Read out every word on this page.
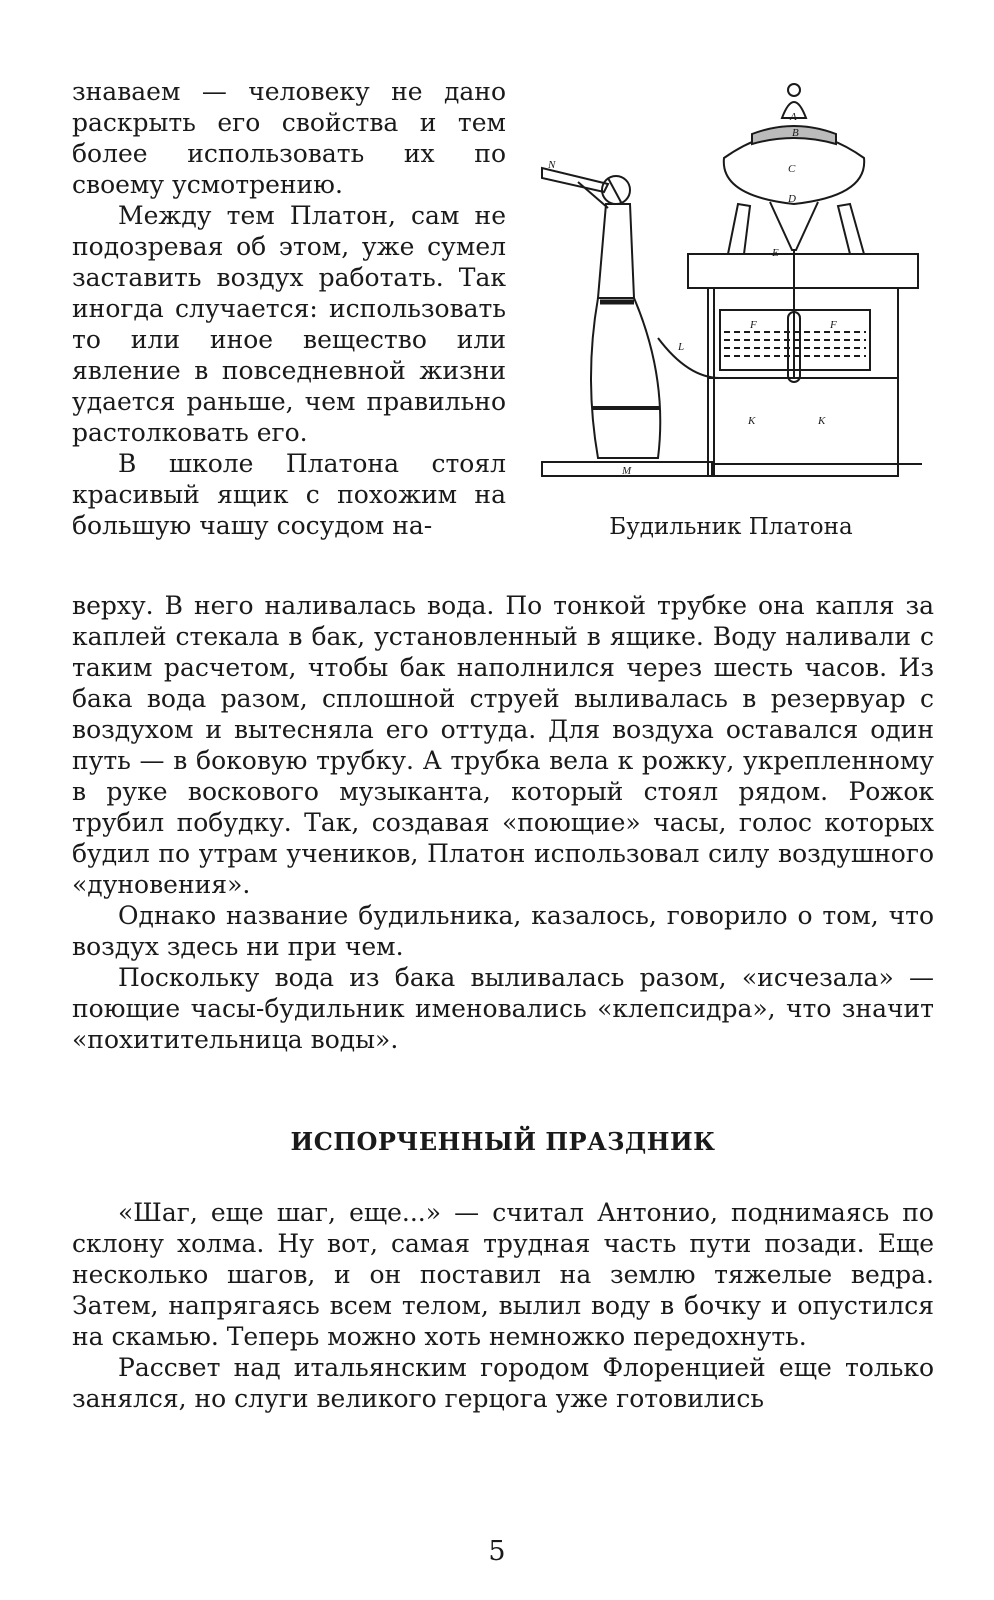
знаваем — человеку не дано раскрыть его свойства и тем более использовать их по своему усмотрению.

Между тем Платон, сам не подозревая об этом, уже сумел заставить воздух работать. Так иногда случается: использовать то или иное вещество или явление в повседневной жизни удается раньше, чем правильно растолковать его.

В школе Платона стоял красивый ящик с похожим на большую чашу сосудом на-

A
B
C
D
E
F	F
K	K
L
M
N
Будильник Платона

верху. В него наливалась вода. По тонкой трубке она капля за каплей стекала в бак, установленный в ящике. Воду наливали с таким расчетом, чтобы бак наполнился через шесть часов. Из бака вода разом, сплошной струей выливалась в резервуар с воздухом и вытесняла его оттуда. Для воздуха оставался один путь — в боковую трубку. А трубка вела к рожку, укрепленному в руке воскового музыканта, который стоял рядом. Рожок трубил побудку. Так, создавая «поющие» часы, голос которых будил по утрам учеников, Платон использовал силу воздушного «дуновения».

Однако название будильника, казалось, говорило о том, что воздух здесь ни при чем.

Поскольку вода из бака выливалась разом, «исчезала» — поющие часы-будильник именовались «клепсидра», что значит «похитительница воды».

ИСПОРЧЕННЫЙ ПРАЗДНИК

«Шаг, еще шаг, еще...» — считал Антонио, поднимаясь по склону холма. Ну вот, самая трудная часть пути позади. Еще несколько шагов, и он поставил на землю тяжелые ведра. Затем, напрягаясь всем телом, вылил воду в бочку и опустился на скамью. Теперь можно хоть немножко передохнуть.

Рассвет над итальянским городом Флоренцией еще только занялся, но слуги великого герцога уже готовились

5
